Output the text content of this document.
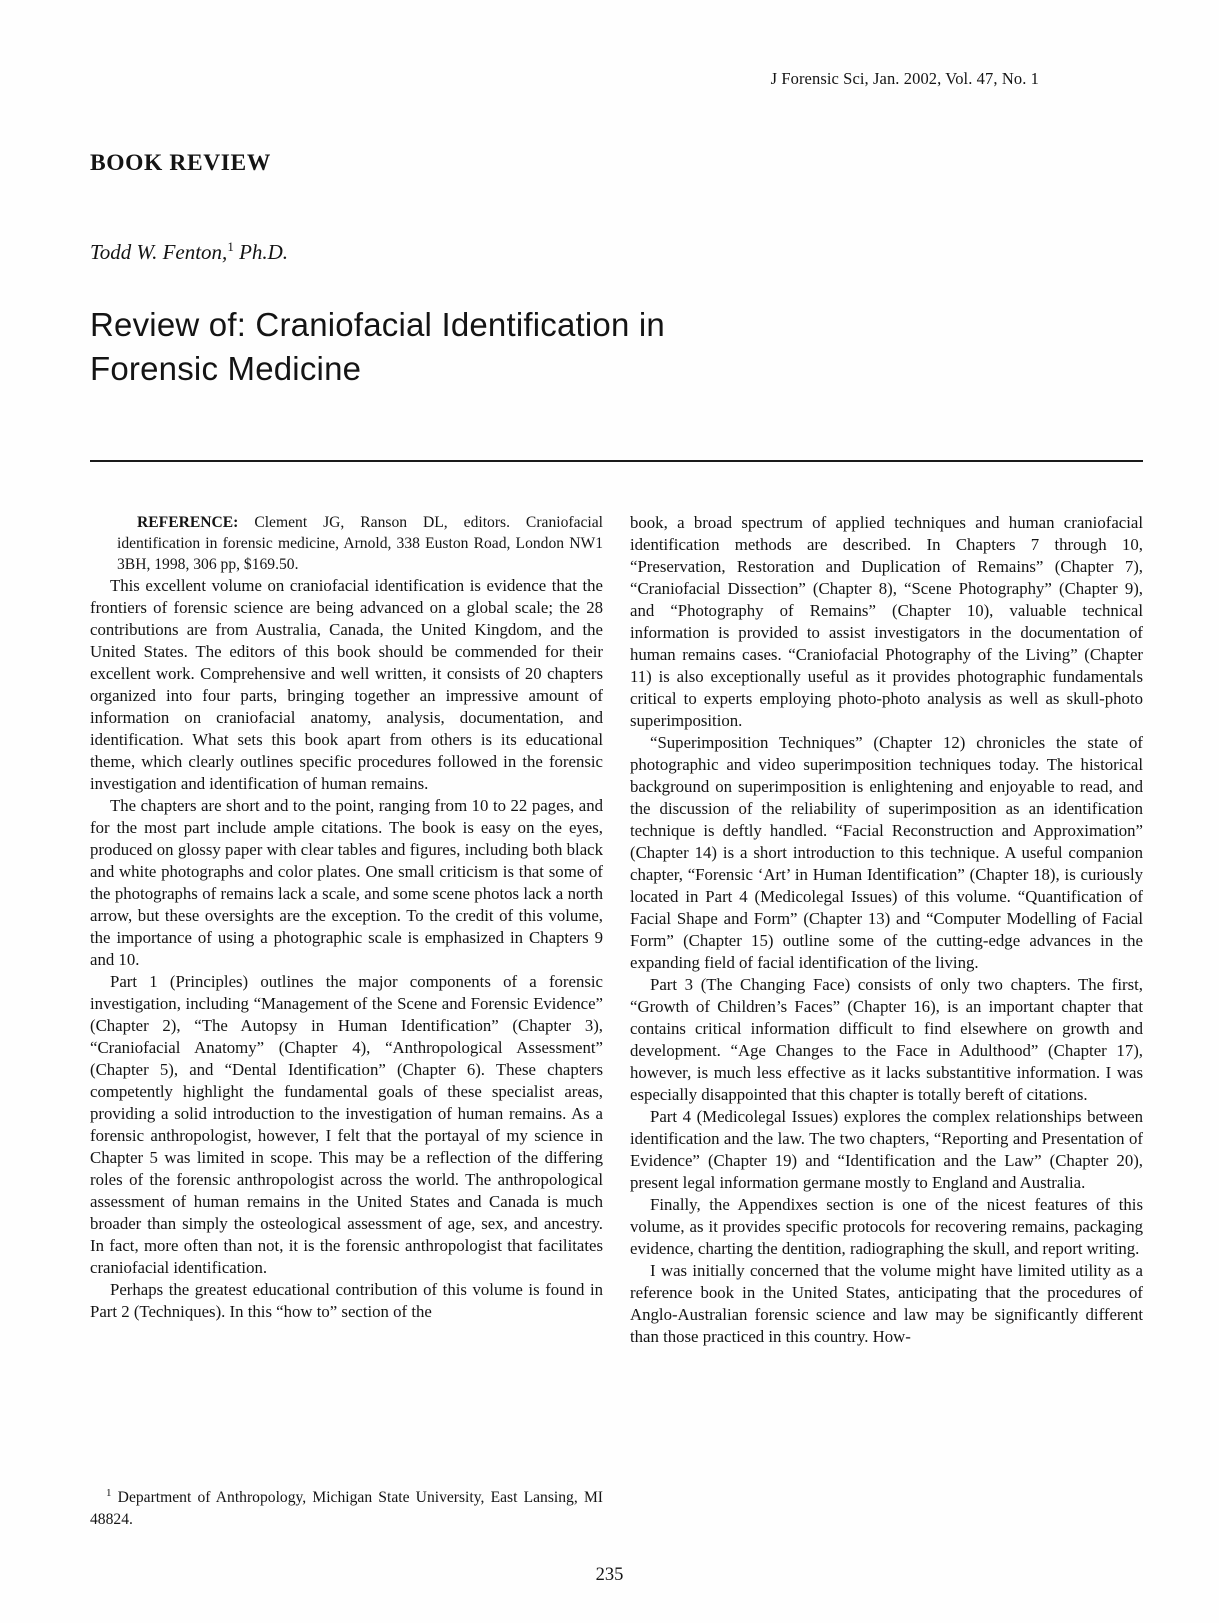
J Forensic Sci, Jan. 2002, Vol. 47, No. 1
BOOK REVIEW
Todd W. Fenton,$^1$ Ph.D.
Review of: Craniofacial Identification in Forensic Medicine

REFERENCE: Clement JG, Ranson DL, editors. Craniofacial identification in forensic medicine, Arnold, 338 Euston Road, London NW1 3BH, 1998, 306 pp, $169.50.

This excellent volume on craniofacial identification is evidence that the frontiers of forensic science are being advanced on a global scale; the 28 contributions are from Australia, Canada, the United Kingdom, and the United States. The editors of this book should be commended for their excellent work. Comprehensive and well written, it consists of 20 chapters organized into four parts, bringing together an impressive amount of information on craniofacial anatomy, analysis, documentation, and identification. What sets this book apart from others is its educational theme, which clearly outlines specific procedures followed in the forensic investigation and identification of human remains.

The chapters are short and to the point, ranging from 10 to 22 pages, and for the most part include ample citations. The book is easy on the eyes, produced on glossy paper with clear tables and figures, including both black and white photographs and color plates. One small criticism is that some of the photographs of remains lack a scale, and some scene photos lack a north arrow, but these oversights are the exception. To the credit of this volume, the importance of using a photographic scale is emphasized in Chapters 9 and 10.

Part 1 (Principles) outlines the major components of a forensic investigation, including “Management of the Scene and Forensic Evidence” (Chapter 2), “The Autopsy in Human Identification” (Chapter 3), “Craniofacial Anatomy” (Chapter 4), “Anthropological Assessment” (Chapter 5), and “Dental Identification” (Chapter 6). These chapters competently highlight the fundamental goals of these specialist areas, providing a solid introduction to the investigation of human remains. As a forensic anthropologist, however, I felt that the portayal of my science in Chapter 5 was limited in scope. This may be a reflection of the differing roles of the forensic anthropologist across the world. The anthropological assessment of human remains in the United States and Canada is much broader than simply the osteological assessment of age, sex, and ancestry. In fact, more often than not, it is the forensic anthropologist that facilitates craniofacial identification.

Perhaps the greatest educational contribution of this volume is found in Part 2 (Techniques). In this “how to” section of the

book, a broad spectrum of applied techniques and human craniofacial identification methods are described. In Chapters 7 through 10, “Preservation, Restoration and Duplication of Remains” (Chapter 7), “Craniofacial Dissection” (Chapter 8), “Scene Photography” (Chapter 9), and “Photography of Remains” (Chapter 10), valuable technical information is provided to assist investigators in the documentation of human remains cases. “Craniofacial Photography of the Living” (Chapter 11) is also exceptionally useful as it provides photographic fundamentals critical to experts employing photo-photo analysis as well as skull-photo superimposition.

“Superimposition Techniques” (Chapter 12) chronicles the state of photographic and video superimposition techniques today. The historical background on superimposition is enlightening and enjoyable to read, and the discussion of the reliability of superimposition as an identification technique is deftly handled. “Facial Reconstruction and Approximation” (Chapter 14) is a short introduction to this technique. A useful companion chapter, “Forensic ‘Art’ in Human Identification” (Chapter 18), is curiously located in Part 4 (Medicolegal Issues) of this volume. “Quantification of Facial Shape and Form” (Chapter 13) and “Computer Modelling of Facial Form” (Chapter 15) outline some of the cutting-edge advances in the expanding field of facial identification of the living.

Part 3 (The Changing Face) consists of only two chapters. The first, “Growth of Children’s Faces” (Chapter 16), is an important chapter that contains critical information difficult to find elsewhere on growth and development. “Age Changes to the Face in Adulthood” (Chapter 17), however, is much less effective as it lacks substantitive information. I was especially disappointed that this chapter is totally bereft of citations.

Part 4 (Medicolegal Issues) explores the complex relationships between identification and the law. The two chapters, “Reporting and Presentation of Evidence” (Chapter 19) and “Identification and the Law” (Chapter 20), present legal information germane mostly to England and Australia.

Finally, the Appendixes section is one of the nicest features of this volume, as it provides specific protocols for recovering remains, packaging evidence, charting the dentition, radiographing the skull, and report writing.

I was initially concerned that the volume might have limited utility as a reference book in the United States, anticipating that the procedures of Anglo-Australian forensic science and law may be significantly different than those practiced in this country. How-

$^1$ Department of Anthropology, Michigan State University, East Lansing, MI 48824.
235
